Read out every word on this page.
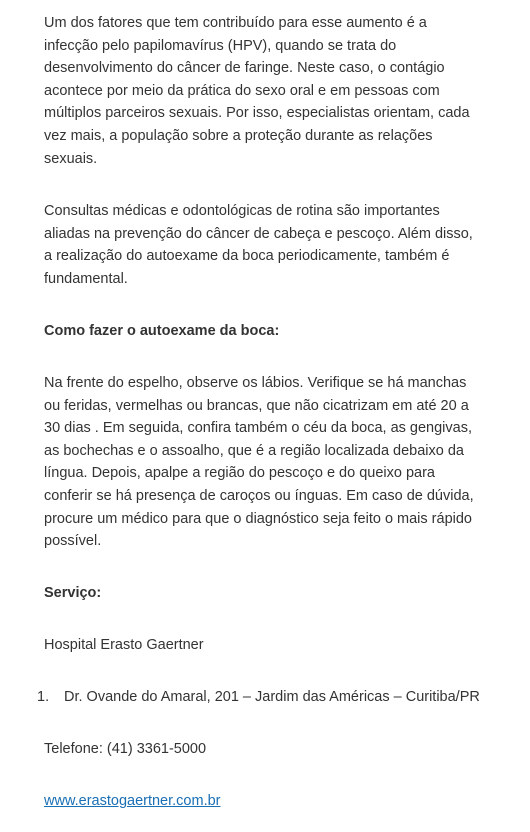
Um dos fatores que tem contribuído para esse aumento é a infecção pelo papilomavírus (HPV), quando se trata do desenvolvimento do câncer de faringe. Neste caso, o contágio acontece por meio da prática do sexo oral e em pessoas com múltiplos parceiros sexuais. Por isso, especialistas orientam, cada vez mais, a população sobre a proteção durante as relações sexuais.

Consultas médicas e odontológicas de rotina são importantes aliadas na prevenção do câncer de cabeça e pescoço. Além disso, a realização do autoexame da boca periodicamente, também é fundamental.

Como fazer o autoexame da boca:

Na frente do espelho, observe os lábios. Verifique se há manchas ou feridas, vermelhas ou brancas, que não cicatrizam em até 20 a 30 dias . Em seguida, confira também o céu da boca, as gengivas, as bochechas e o assoalho, que é a região localizada debaixo da língua. Depois, apalpe a região do pescoço e do queixo para conferir se há presença de caroços ou ínguas. Em caso de dúvida, procure um médico para que o diagnóstico seja feito o mais rápido possível.

Serviço:

Hospital Erasto Gaertner

1. Dr. Ovande do Amaral, 201 – Jardim das Américas – Curitiba/PR

Telefone: (41) 3361-5000

www.erastogaertner.com.br
